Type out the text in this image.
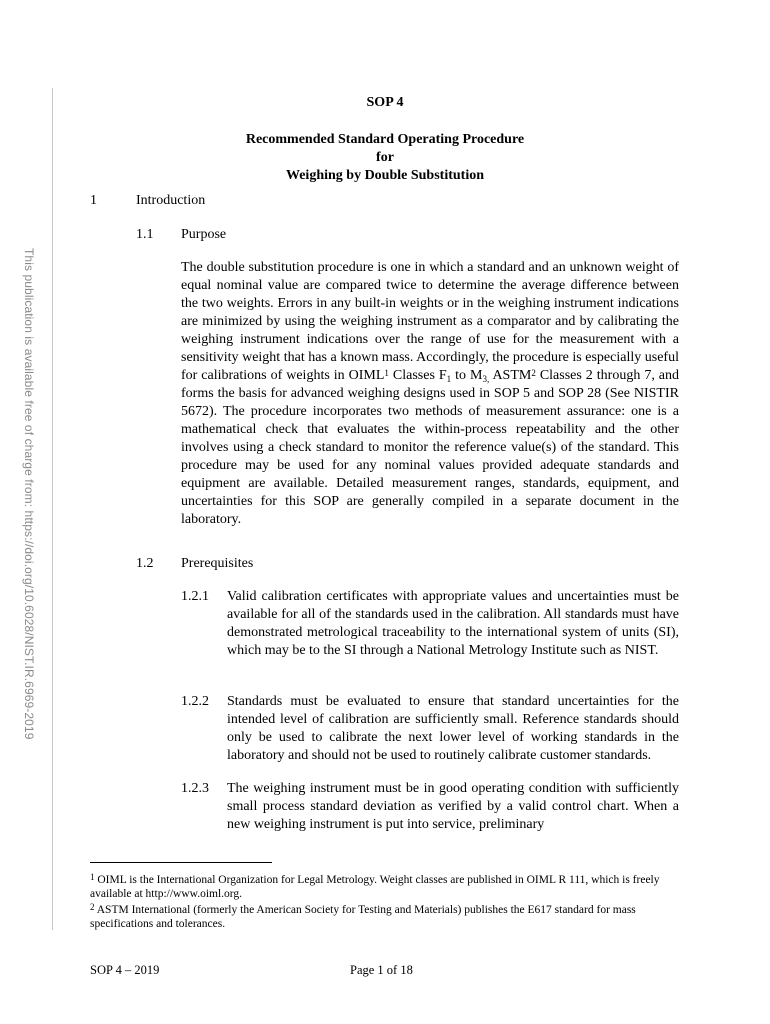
This publication is available free of charge from: https://doi.org/10.6028/NIST.IR.6969-2019
SOP 4
Recommended Standard Operating Procedure
for
Weighing by Double Substitution
1	Introduction
1.1 Purpose
The double substitution procedure is one in which a standard and an unknown weight of equal nominal value are compared twice to determine the average difference between the two weights. Errors in any built-in weights or in the weighing instrument indications are minimized by using the weighing instrument as a comparator and by calibrating the weighing instrument indications over the range of use for the measurement with a sensitivity weight that has a known mass. Accordingly, the procedure is especially useful for calibrations of weights in OIML$^1$ Classes $F_1$ to $M_{3,}$ ASTM$^2$ Classes 2 through 7, and forms the basis for advanced weighing designs used in SOP 5 and SOP 28 (See NISTIR 5672). The procedure incorporates two methods of measurement assurance: one is a mathematical check that evaluates the within-process repeatability and the other involves using a check standard to monitor the reference value(s) of the standard. This procedure may be used for any nominal values provided adequate standards and equipment are available. Detailed measurement ranges, standards, equipment, and uncertainties for this SOP are generally compiled in a separate document in the laboratory.
1.2 Prerequisites
1.2.1 Valid calibration certificates with appropriate values and uncertainties must be available for all of the standards used in the calibration. All standards must have demonstrated metrological traceability to the international system of units (SI), which may be to the SI through a National Metrology Institute such as NIST.
1.2.2 Standards must be evaluated to ensure that standard uncertainties for the intended level of calibration are sufficiently small. Reference standards should only be used to calibrate the next lower level of working standards in the laboratory and should not be used to routinely calibrate customer standards.
1.2.3 The weighing instrument must be in good operating condition with sufficiently small process standard deviation as verified by a valid control chart. When a new weighing instrument is put into service, preliminary
$^1$ OIML is the International Organization for Legal Metrology. Weight classes are published in OIML R 111, which is freely available at http://www.oiml.org.
$^2$ ASTM International (formerly the American Society for Testing and Materials) publishes the E617 standard for mass specifications and tolerances.
SOP 4 – 2019	Page 1 of 18
